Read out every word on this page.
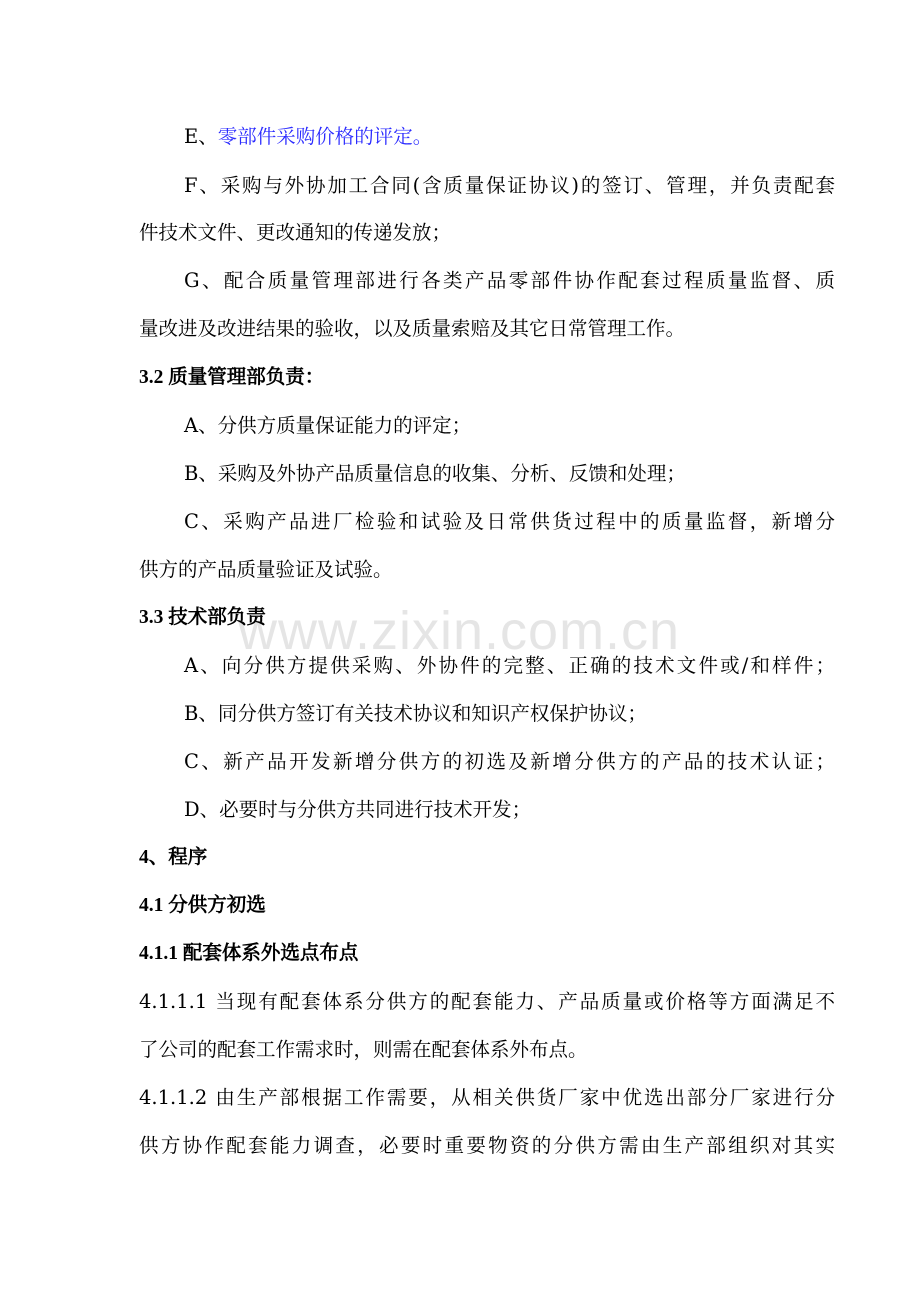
www.zixin.com.cn
E、零部件采购价格的评定。
F、采购与外协加工合同(含质量保证协议)的签订、管理，并负责配套
件技术文件、更改通知的传递发放；
G、配合质量管理部进行各类产品零部件协作配套过程质量监督、质
量改进及改进结果的验收，以及质量索赔及其它日常管理工作。
3.2 质量管理部负责：
A、分供方质量保证能力的评定；
B、采购及外协产品质量信息的收集、分析、反馈和处理；
C、采购产品进厂检验和试验及日常供货过程中的质量监督，新增分
供方的产品质量验证及试验。
3.3 技术部负责
A、向分供方提供采购、外协件的完整、正确的技术文件或/和样件；
B、同分供方签订有关技术协议和知识产权保护协议；
C、新产品开发新增分供方的初选及新增分供方的产品的技术认证；
D、必要时与分供方共同进行技术开发；
4、程序
4.1 分供方初选
4.1.1 配套体系外选点布点
4.1.1.1 当现有配套体系分供方的配套能力、产品质量或价格等方面满足不
了公司的配套工作需求时，则需在配套体系外布点。
4.1.1.2 由生产部根据工作需要，从相关供货厂家中优选出部分厂家进行分
供方协作配套能力调查，必要时重要物资的分供方需由生产部组织对其实
